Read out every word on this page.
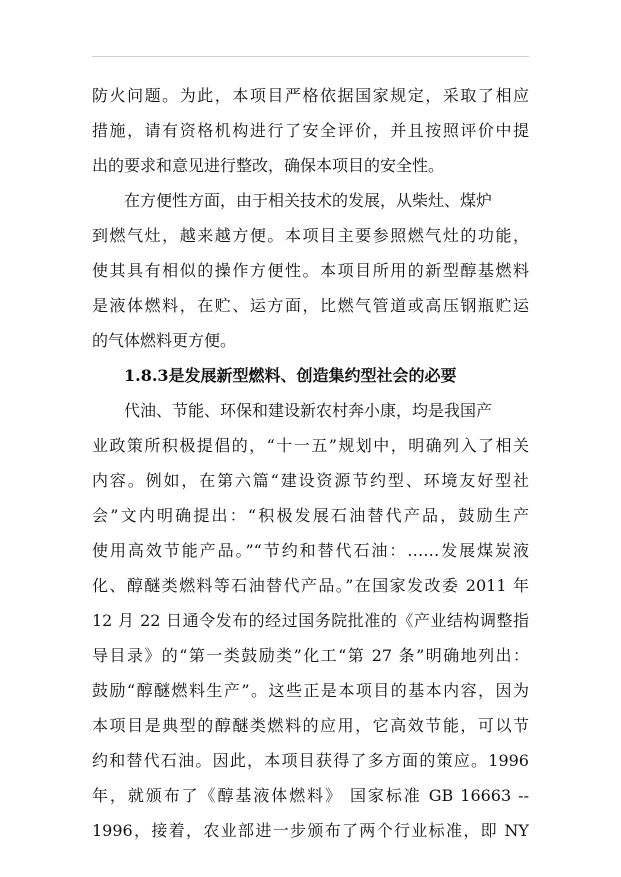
防火问题。为此，本项目严格依据国家规定，采取了相应
措施，请有资格机构进行了安全评价，并且按照评价中提
出的要求和意见进行整改，确保本项目的安全性。
在方便性方面，由于相关技术的发展，从柴灶、煤炉
到燃气灶，越来越方便。本项目主要参照燃气灶的功能，
使其具有相似的操作方便性。本项目所用的新型醇基燃料
是液体燃料，在贮、运方面，比燃气管道或高压钢瓶贮运
的气体燃料更方便。
1.8.3是发展新型燃料、创造集约型社会的必要
代油、节能、环保和建设新农村奔小康，均是我国产
业政策所积极提倡的，“十一五”规划中，明确列入了相关
内容。例如，在第六篇“建设资源节约型、环境友好型社
会”文内明确提出：“积极发展石油替代产品，鼓励生产
使用高效节能产品。”“节约和替代石油：……发展煤炭液
化、醇醚类燃料等石油替代产品。”在国家发改委 2011 年
12 月 22 日通令发布的经过国务院批准的《产业结构调整指
导目录》的“第一类鼓励类”化工“第 27 条”明确地列出：
鼓励“醇醚燃料生产”。这些正是本项目的基本内容，因为
本项目是典型的醇醚类燃料的应用，它高效节能，可以节
约和替代石油。因此，本项目获得了多方面的策应。1996
年，就颁布了《醇基液体燃料》 国家标准 GB 16663 --
1996，接着，农业部进一步颁布了两个行业标准，即 NY
